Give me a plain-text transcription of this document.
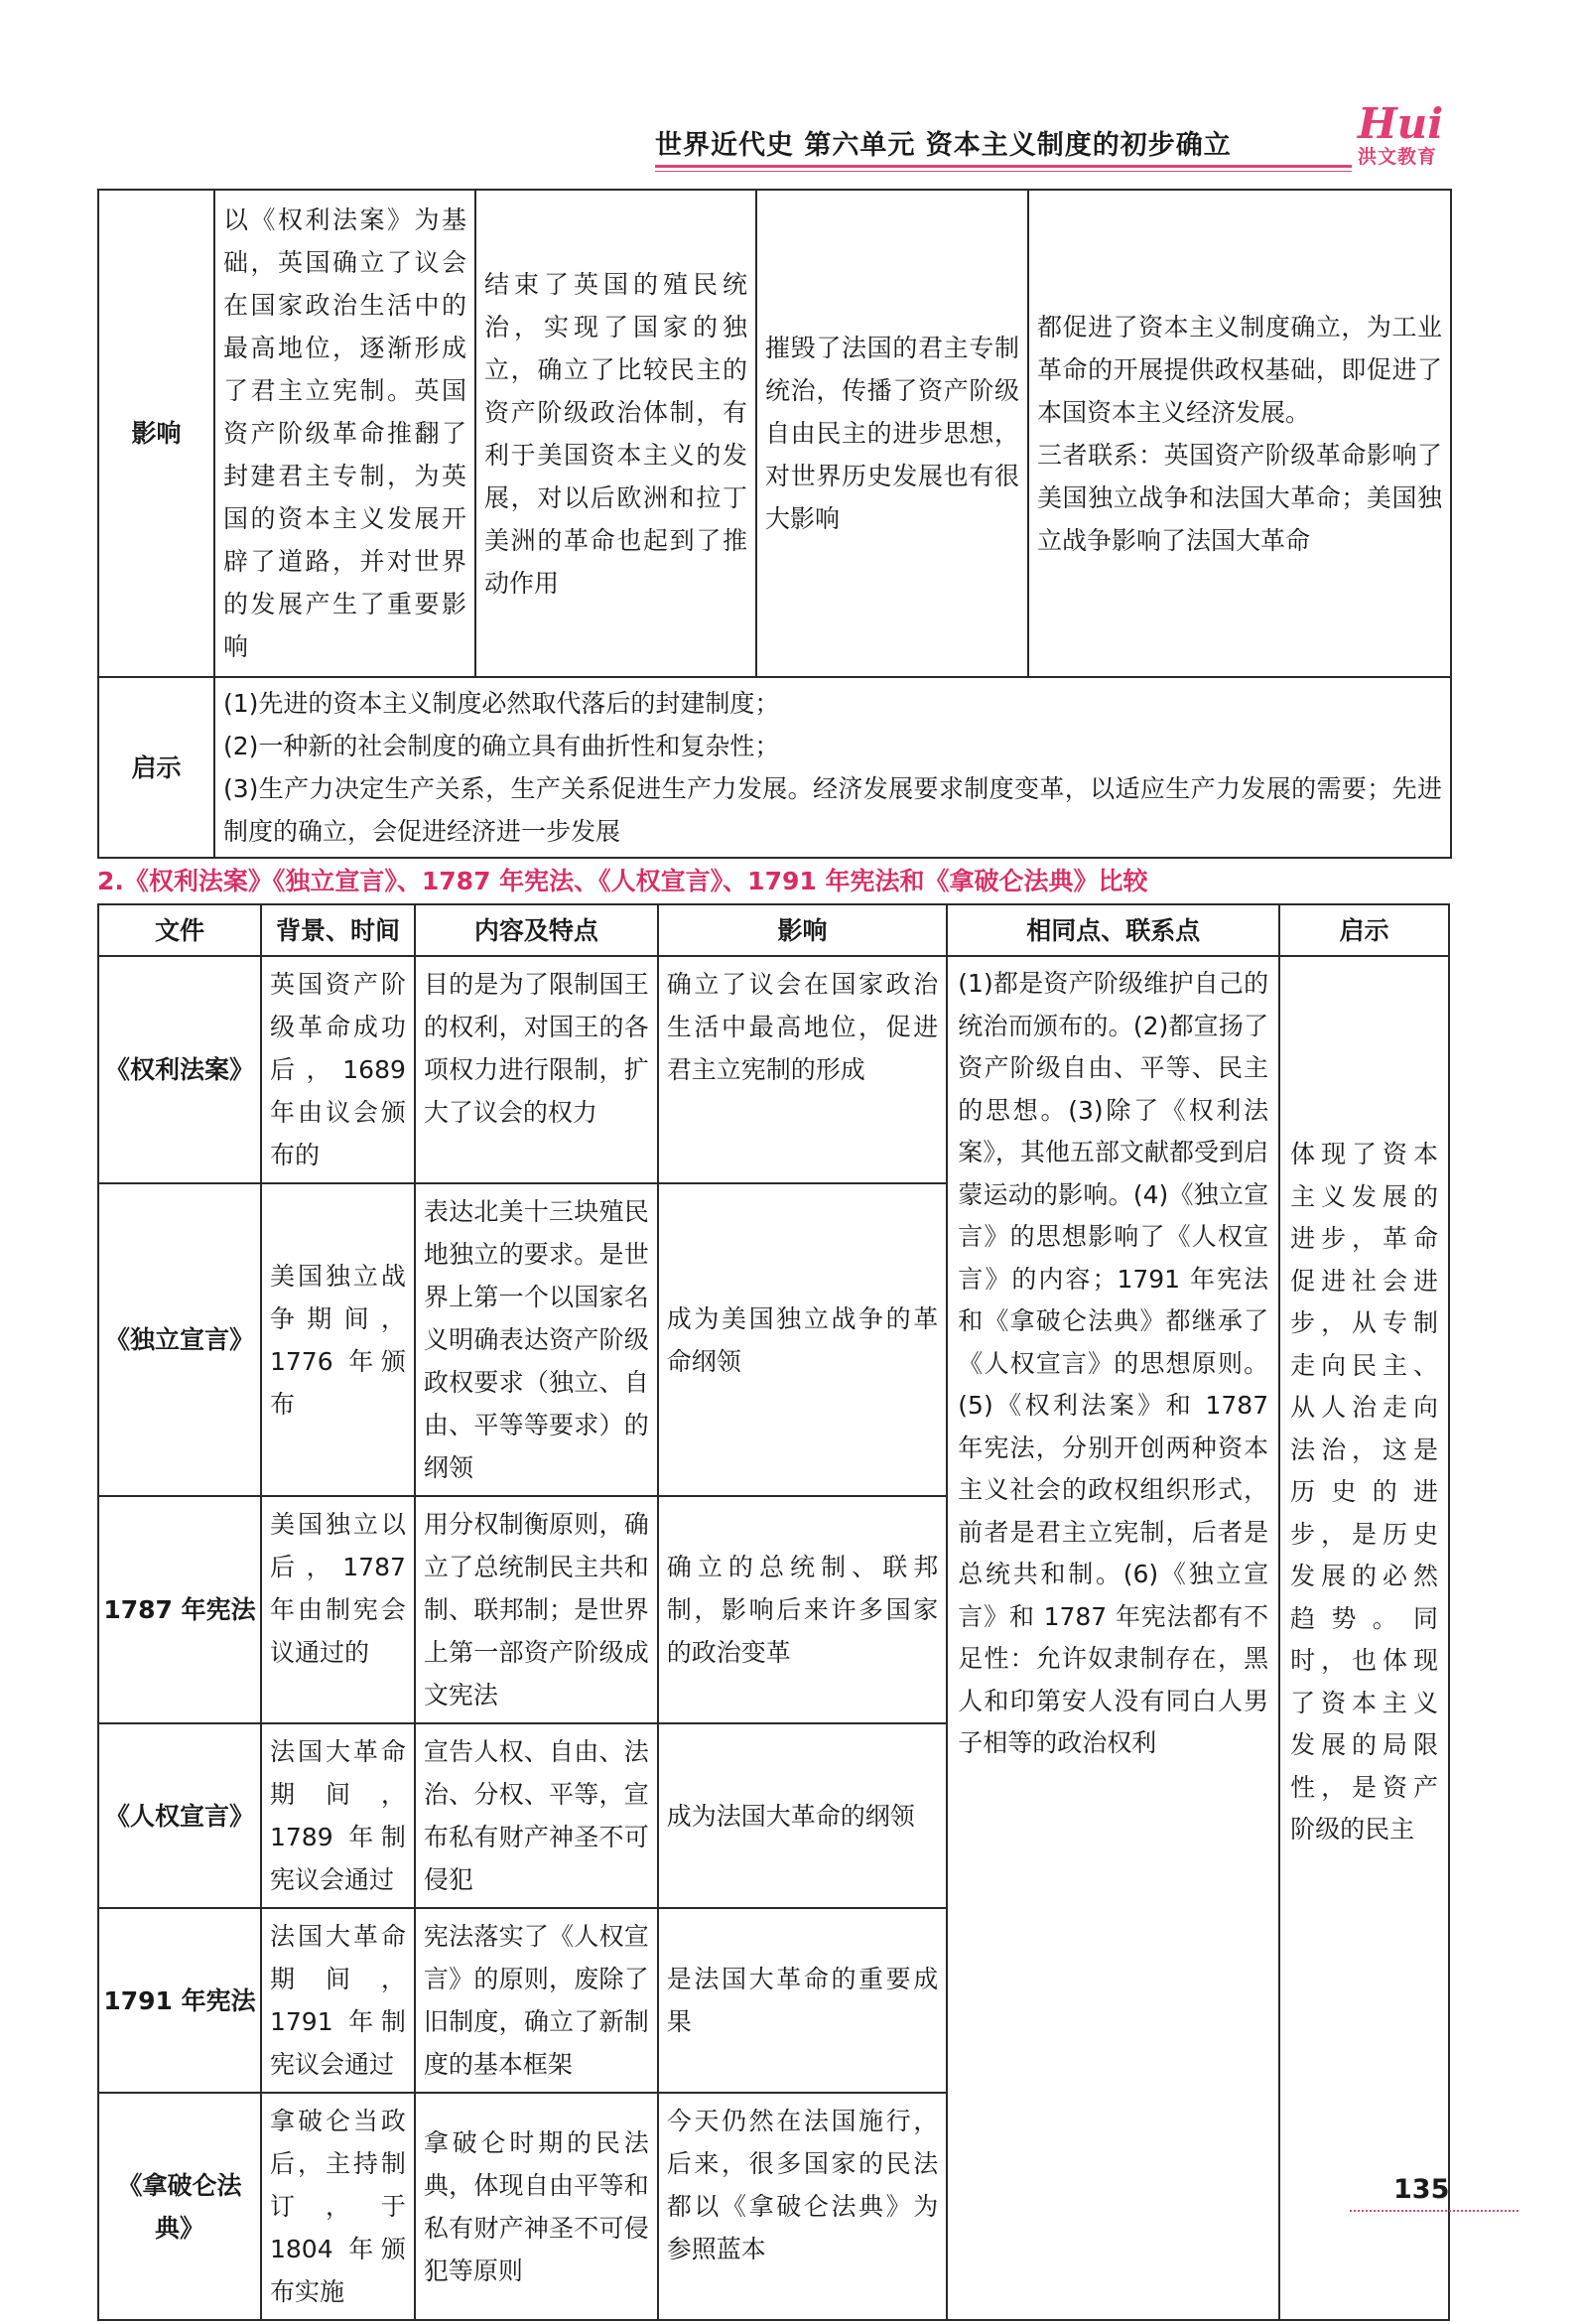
世界近代史 第六单元 资本主义制度的初步确立	Hui
洪文教育
影响	以《权利法案》为基础，英国确立了议会在国家政治生活中的最高地位，逐渐形成了君主立宪制。英国资产阶级革命推翻了封建君主专制，为英国的资本主义发展开辟了道路，并对世界的发展产生了重要影响	结束了英国的殖民统治，实现了国家的独立，确立了比较民主的资产阶级政治体制，有利于美国资本主义的发展，对以后欧洲和拉丁美洲的革命也起到了推动作用	摧毁了法国的君主专制统治，传播了资产阶级自由民主的进步思想，对世界历史发展也有很大影响	都促进了资本主义制度确立，为工业革命的开展提供政权基础，即促进了本国资本主义经济发展。
三者联系：英国资产阶级革命影响了美国独立战争和法国大革命；美国独立战争影响了法国大革命

启示	(1)先进的资本主义制度必然取代落后的封建制度；
(2)一种新的社会制度的确立具有曲折性和复杂性；
(3)生产力决定生产关系，生产关系促进生产力发展。经济发展要求制度变革，以适应生产力发展的需要；先进制度的确立，会促进经济进一步发展			
2.《权利法案》《独立宣言》、1787 年宪法、《人权宣言》、1791 年宪法和《拿破仑法典》比较
文件	背景、时间	内容及特点	影响	相同点、联系点	启示
《权利法案》	英国资产阶级革命成功后，1689 年由议会颁布的	目的是为了限制国王的权利，对国王的各项权力进行限制，扩大了议会的权力	确立了议会在国家政治生活中最高地位，促进君主立宪制的形成	(1)都是资产阶级维护自己的统治而颁布的。(2)都宣扬了资产阶级自由、平等、民主的思想。(3)除了《权利法案》，其他五部文献都受到启蒙运动的影响。(4)《独立宣言》的思想影响了《人权宣言》的内容；1791 年宪法和《拿破仑法典》都继承了《人权宣言》的思想原则。(5)《权利法案》和 1787 年宪法，分别开创两种资本主义社会的政权组织形式，前者是君主立宪制，后者是总统共和制。(6)《独立宣言》和 1787 年宪法都有不足性：允许奴隶制存在，黑人和印第安人没有同白人男子相等的政治权利	体现了资本主义发展的进步，革命促进社会进步，从专制走向民主、从人治走向法治，这是历史的进步，是历史发展的必然趋势。同时，也体现了资本主义发展的局限性，是资产阶级的民主
《独立宣言》	美国独立战争期间，1776 年颁布	表达北美十三块殖民地独立的要求。是世界上第一个以国家名义明确表达资产阶级政权要求（独立、自由、平等等要求）的纲领	成为美国独立战争的革命纲领		
1787 年宪法	美国独立以后，1787 年由制宪会议通过的	用分权制衡原则，确立了总统制民主共和制、联邦制；是世界上第一部资产阶级成文宪法	确立的总统制、联邦制，影响后来许多国家的政治变革		
《人权宣言》	法国大革命期间，1789 年制宪议会通过	宣告人权、自由、法治、分权、平等，宣布私有财产神圣不可侵犯	成为法国大革命的纲领		
1791 年宪法	法国大革命期间，1791 年制宪议会通过	宪法落实了《人权宣言》的原则，废除了旧制度，确立了新制度的基本框架	是法国大革命的重要成果		
《拿破仑法典》	拿破仑当政后，主持制订，于 1804 年颁布实施	拿破仑时期的民法典，体现自由平等和私有财产神圣不可侵犯等原则	今天仍然在法国施行，后来，很多国家的民法都以《拿破仑法典》为参照蓝本		
135
